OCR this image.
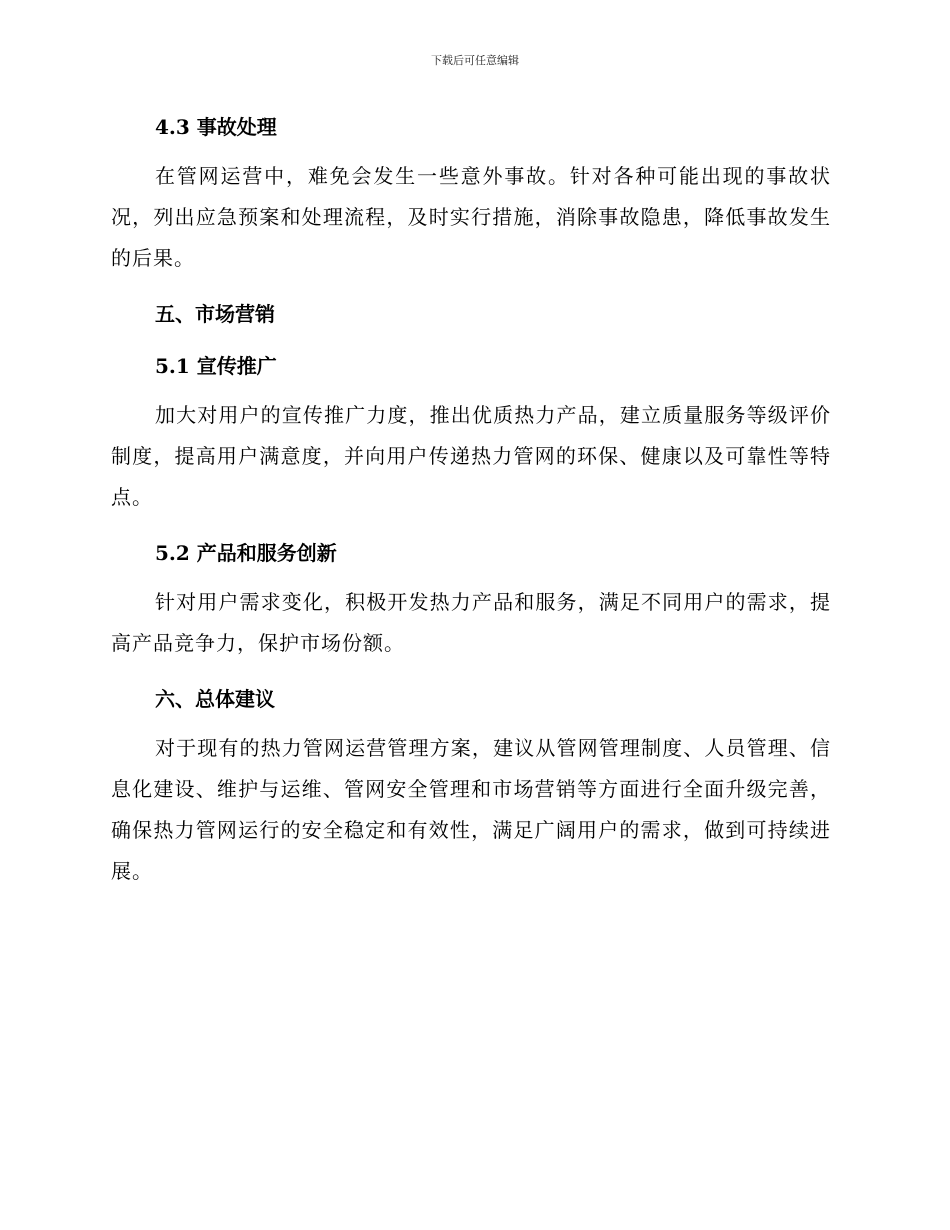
下载后可任意编辑
4.3 事故处理

在管网运营中，难免会发生一些意外事故。针对各种可能出现的事故状况，列出应急预案和处理流程，及时实行措施，消除事故隐患，降低事故发生的后果。

五、市场营销
5.1 宣传推广

加大对用户的宣传推广力度，推出优质热力产品，建立质量服务等级评价制度，提高用户满意度，并向用户传递热力管网的环保、健康以及可靠性等特点。

5.2 产品和服务创新

针对用户需求变化，积极开发热力产品和服务，满足不同用户的需求，提高产品竞争力，保护市场份额。

六、总体建议

对于现有的热力管网运营管理方案，建议从管网管理制度、人员管理、信息化建设、维护与运维、管网安全管理和市场营销等方面进行全面升级完善，确保热力管网运行的安全稳定和有效性，满足广阔用户的需求，做到可持续进展。
